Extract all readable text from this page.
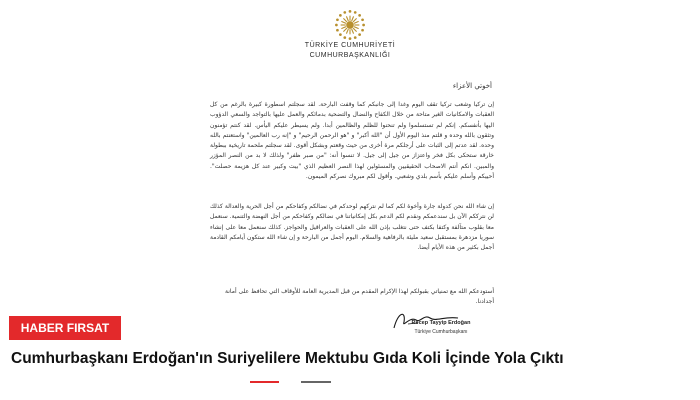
TÜRKİYE CUMHURİYETİ
CUMHURBAŞKANLIĞI
أخوتي الأعزاء

إن تركيا وشعب تركيا تقف اليوم وغدا إلى جانبكم كما وقفت البارحة. لقد سجلتم اسطورة كبيرة بالرغم من كل العقبات والامكانيات الغير متاحة من خلال الكفاح والنضال والتضحية بدمائكم والعمل عليها بالتواجد والسعي الدؤوب اليها بأنفسكم. إنكم لم تستسلموا ولم تنحنوا للظلم والظالمين أبدا. ولم يسيطر عليكم اليأس. لقد كنتم تؤمنون وتثقون بالله وحده و قلتم منذ اليوم الأول أن "الله أكبر" و "هو الرحمن الرحيم" و "إنه رب العالمين" واستعنتم بالله وحده. لقد عدتم إلى الثبات على أرجلكم مرة أخرى من حيث وقعتم وبشكل أقوى. لقد سجلتم ملحمة تاريخية ببطولة خارقة ستحكى بكل فخر واعتزاز من جيل إلى جيل. لا تنسوا أنه: "من صبر ظفر" ولذلك لا بد من النصر المؤزر والمبين. انكم أنتم الاصحاب الحقيقيين والمسئولين لهذا النصر العظيم الذي "بيت وكبير عند كل هزيمة حصلت". أحييكم وأسلم عليكم بأسم بلدي وشعبي. وأقول لكم مبروك نصركم الميمون.

إن شاء الله نحن كدولة جارة وأخوة لكم كما لم نتركهم لوحدكم في نضالكم وكفاحكم من أجل الحرية والعدالة كذلك لن نترككم الآن بل سندعمكم ونقدم لكم الدعم بكل إمكانياتنا في نضالكم وكفاحكم من أجل النهضة والتنمية. سنعمل معا بقلوب متآلفة وكتفا بكتف حتى نتغلب بإذن الله على العقبات والعراقيل والحواجز. كذلك سنعمل معا على إنشاء سوريا مزدهرة بمستقبل سعيد مليئة بالرفاهية والسلام. اليوم أجمل من البارحة و إن شاء الله ستكون أيامكم القادمة أجمل بكثير من هذه الأيام أيضا.

أستودعكم الله مع تمنياتي بقبولكم لهذا الإكرام المقدم من قبل المديرية العامة للأوقاف التي تحافظ على أمانة أجدادنا.

Recep Tayyip Erdoğan
Türkiye Cumhurbaşkanı
HABER FIRSAT
Cumhurbaşkanı Erdoğan'ın Suriyelilere Mektubu Gıda Koli İçinde Yola Çıktı
